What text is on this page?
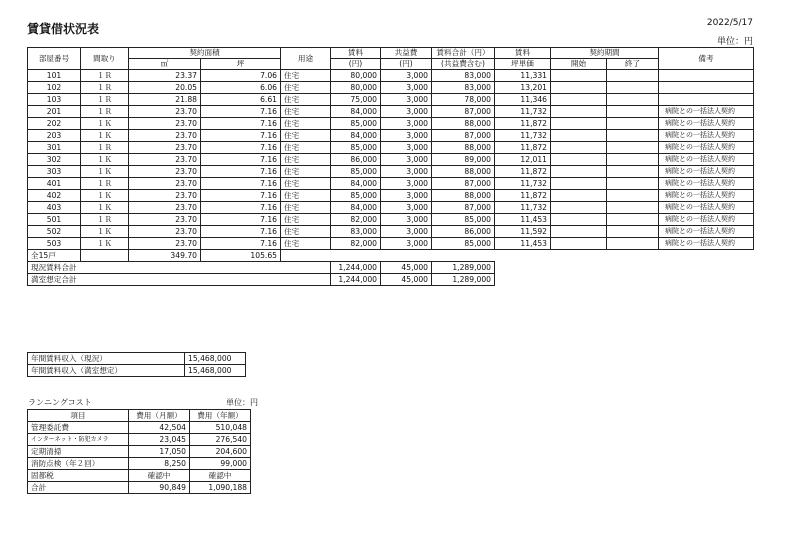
賃貸借状況表	2022/5/17
単位：円
部屋番号	間取り	契約面積		用途	賃料	共益費	賃料合計（円）	賃料	契約期間		備考
		㎡	坪		(円)	(円)	(共益費含む)	坪単価	開始	終了	
101	１Ｒ	23.37	7.06	住宅	80,000	3,000	83,000	11,331			
102	１Ｒ	20.05	6.06	住宅	80,000	3,000	83,000	13,201			
103	１Ｒ	21.88	6.61	住宅	75,000	3,000	78,000	11,346			
201	１Ｒ	23.70	7.16	住宅	84,000	3,000	87,000	11,732			病院との一括法人契約
202	１Ｋ	23.70	7.16	住宅	85,000	3,000	88,000	11,872			病院との一括法人契約
203	１Ｋ	23.70	7.16	住宅	84,000	3,000	87,000	11,732			病院との一括法人契約
301	１Ｒ	23.70	7.16	住宅	85,000	3,000	88,000	11,872			病院との一括法人契約
302	１Ｋ	23.70	7.16	住宅	86,000	3,000	89,000	12,011			病院との一括法人契約
303	１Ｋ	23.70	7.16	住宅	85,000	3,000	88,000	11,872			病院との一括法人契約
401	１Ｒ	23.70	7.16	住宅	84,000	3,000	87,000	11,732			病院との一括法人契約
402	１Ｋ	23.70	7.16	住宅	85,000	3,000	88,000	11,872			病院との一括法人契約
403	１Ｋ	23.70	7.16	住宅	84,000	3,000	87,000	11,732			病院との一括法人契約
501	１Ｒ	23.70	7.16	住宅	82,000	3,000	85,000	11,453			病院との一括法人契約
502	１Ｋ	23.70	7.16	住宅	83,000	3,000	86,000	11,592			病院との一括法人契約
503	１Ｋ	23.70	7.16	住宅	82,000	3,000	85,000	11,453			病院との一括法人契約
全15戸		349.70	105.65								
現況賃料合計					1,244,000	45,000	1,289,000				
満室想定合計					1,244,000	45,000	1,289,000				
年間賃料収入（現況）	15,468,000
年間賃料収入（満室想定）	15,468,000
ランニングコスト	単位：円
項目	費用（月額）	費用（年額）
管理委託費	42,504	510,048
インターネット・防犯カメラ	23,045	276,540
定期清掃	17,050	204,600
消防点検（年２回）	8,250	99,000
固都税	確認中	確認中
合計	90,849	1,090,188
